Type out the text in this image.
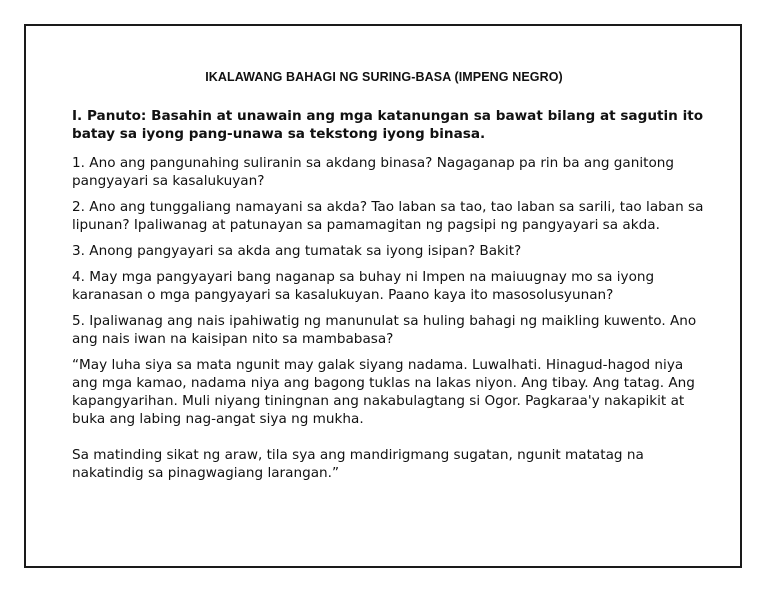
IKALAWANG BAHAGI NG SURING-BASA (IMPENG NEGRO)

I. Panuto: Basahin at unawain ang mga katanungan sa bawat bilang at sagutin ito batay sa iyong pang-unawa sa tekstong iyong binasa.

1. Ano ang pangunahing suliranin sa akdang binasa? Nagaganap pa rin ba ang ganitong pangyayari sa kasalukuyan?

2. Ano ang tunggaliang namayani sa akda? Tao laban sa tao, tao laban sa sarili, tao laban sa lipunan? Ipaliwanag at patunayan sa pamamagitan ng pagsipi ng pangyayari sa akda.

3. Anong pangyayari sa akda ang tumatak sa iyong isipan? Bakit?

4. May mga pangyayari bang naganap sa buhay ni Impen na maiuugnay mo sa iyong karanasan o mga pangyayari sa kasalukuyan. Paano kaya ito masosolusyunan?

5. Ipaliwanag ang nais ipahiwatig ng manunulat sa huling bahagi ng maikling kuwento. Ano ang nais iwan na kaisipan nito sa mambabasa?

“May luha siya sa mata ngunit may galak siyang nadama. Luwalhati. Hinagud-hagod niya ang mga kamao, nadama niya ang bagong tuklas na lakas niyon. Ang tibay. Ang tatag. Ang kapangyarihan. Muli niyang tiningnan ang nakabulagtang si Ogor. Pagkaraa'y nakapikit at buka ang labing nag-angat siya ng mukha.

Sa matinding sikat ng araw, tila sya ang mandirigmang sugatan, ngunit matatag na nakatindig sa pinagwagiang larangan.”
